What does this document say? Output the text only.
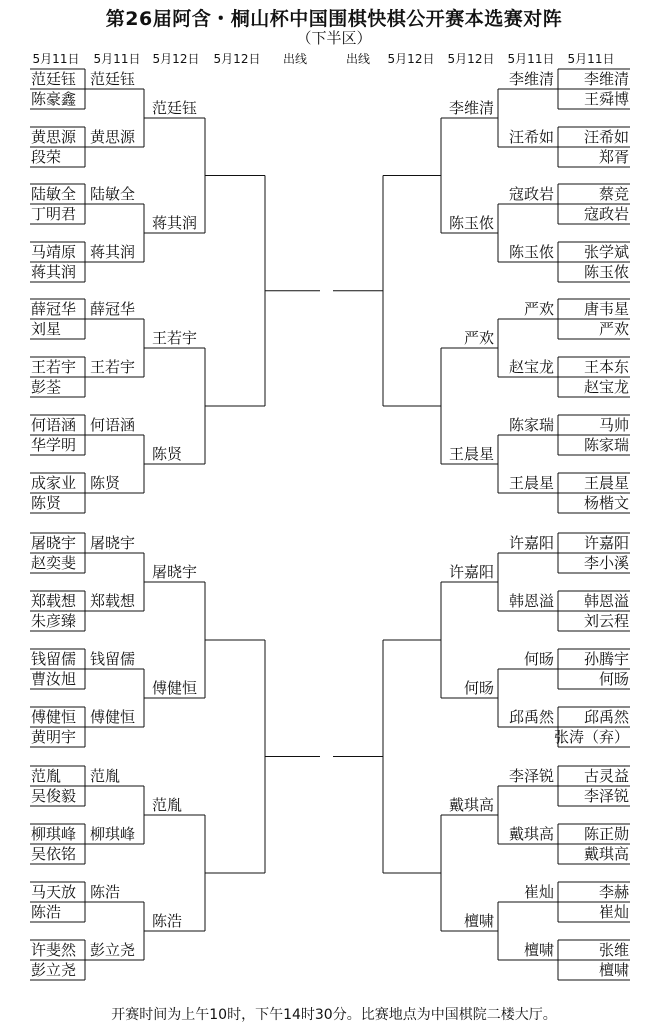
第26届阿含・桐山杯中国围棋快棋公开赛本选赛对阵
（下半区）
5月11日 5月11日 5月12日 5月12日 出线	出线 5月12日 5月12日 5月11日 5月11日
范廷钰
陈豪鑫
范廷钰
黄思源
段荣
黄思源
陆敏全
丁明君
陆敏全
马靖原
蒋其润
蒋其润
薛冠华
刘星
薛冠华
王若宇
彭荃
王若宇
何语涵
华学明
何语涵
成家业
陈贤
陈贤
屠晓宇
赵奕斐
屠晓宇
郑载想
朱彦臻
郑载想
钱留儒
曹汝旭
钱留儒
傅健恒
黄明宇
傅健恒
范胤
吴俊毅
范胤
柳琪峰
吴依铭
柳琪峰
马天放
陈浩
陈浩
许斐然
彭立尧
彭立尧
范廷钰
蒋其润
王若宇
陈贤
屠晓宇
傅健恒
范胤
陈浩
李维清
王舜博
李维清
汪希如
郑胥
汪希如
蔡竞
寇政岩
寇政岩
张学斌
陈玉侬
陈玉侬
唐韦星
严欢
严欢
王本东
赵宝龙
赵宝龙
马帅
陈家瑞
陈家瑞
王晨星
杨楷文
王晨星
许嘉阳
李小溪
许嘉阳
韩恩溢
刘云程
韩恩溢
孙腾宇
何旸
何旸
邱禹然
张涛（弃）
邱禹然
古灵益
李泽锐
李泽锐
陈正勋
戴琪高
戴琪高
李赫
崔灿
崔灿
张维
檀啸
檀啸
李维清
陈玉侬
严欢
王晨星
许嘉阳
何旸
戴琪高
檀啸
开赛时间为上午10时，下午14时30分。比赛地点为中国棋院二楼大厅。
